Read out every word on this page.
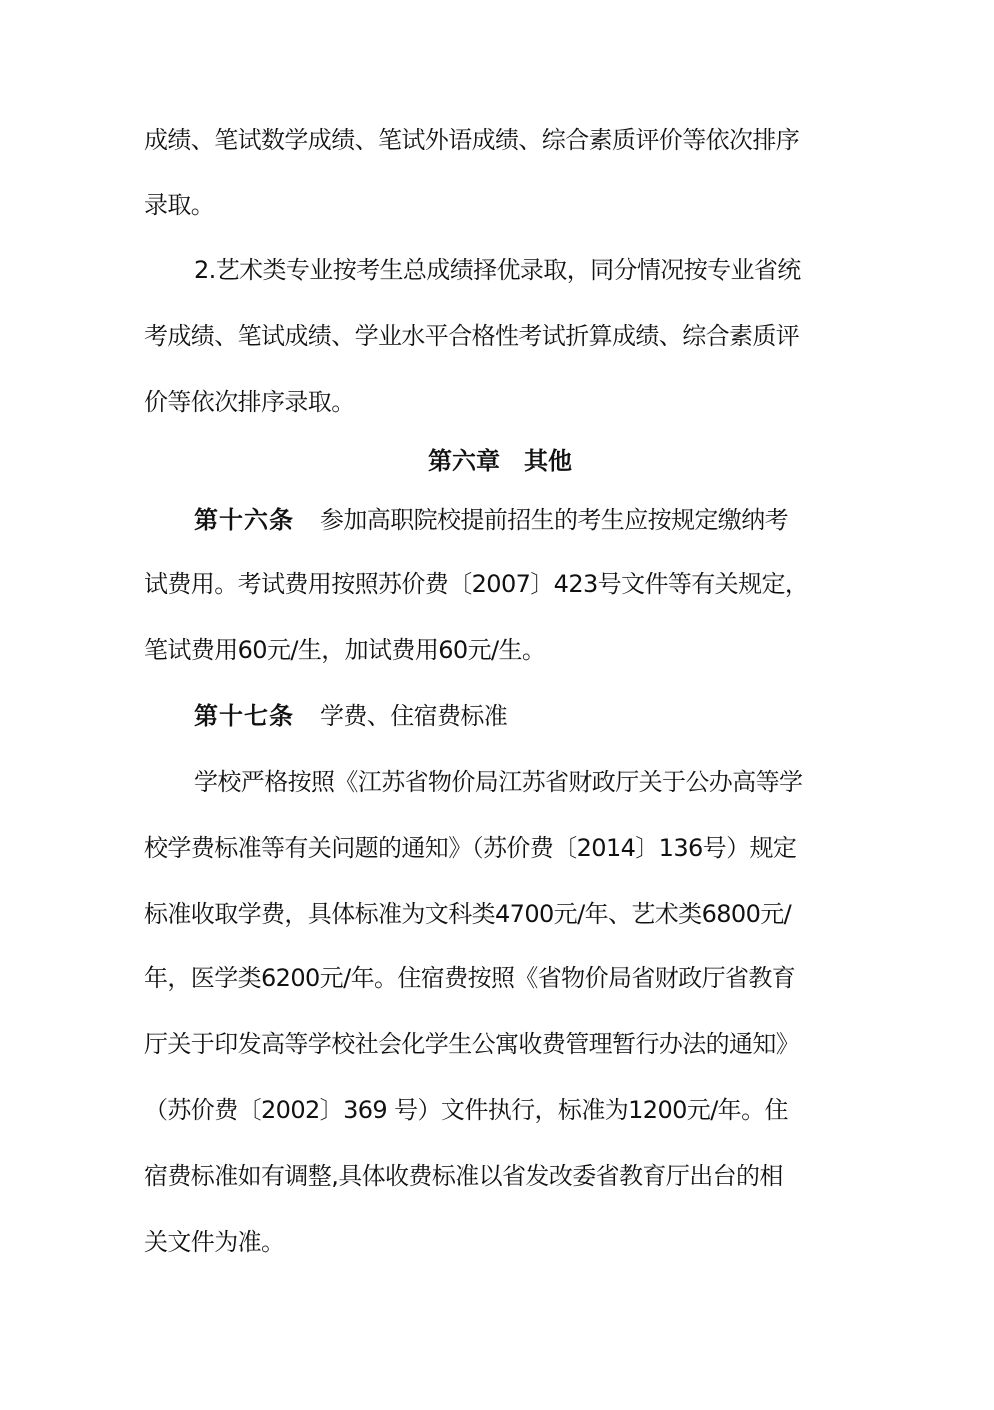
成绩、笔试数学成绩、笔试外语成绩、综合素质评价等依次排序
录取。
2.艺术类专业按考生总成绩择优录取，同分情况按专业省统
考成绩、笔试成绩、学业水平合格性考试折算成绩、综合素质评
价等依次排序录取。
第六章　其他
第十六条 参加高职院校提前招生的考生应按规定缴纳考
试费用。考试费用按照苏价费〔2007〕423号文件等有关规定，
笔试费用60元/生，加试费用60元/生。
第十七条 学费、住宿费标准
学校严格按照《江苏省物价局江苏省财政厅关于公办高等学
校学费标准等有关问题的通知》（苏价费〔2014〕136号）规定
标准收取学费，具体标准为文科类4700元/年、艺术类6800元/
年，医学类6200元/年。住宿费按照《省物价局省财政厅省教育
厅关于印发高等学校社会化学生公寓收费管理暂行办法的通知》
（苏价费〔2002〕369 号）文件执行，标准为1200元/年。住
宿费标准如有调整,具体收费标准以省发改委省教育厅出台的相
关文件为准。
